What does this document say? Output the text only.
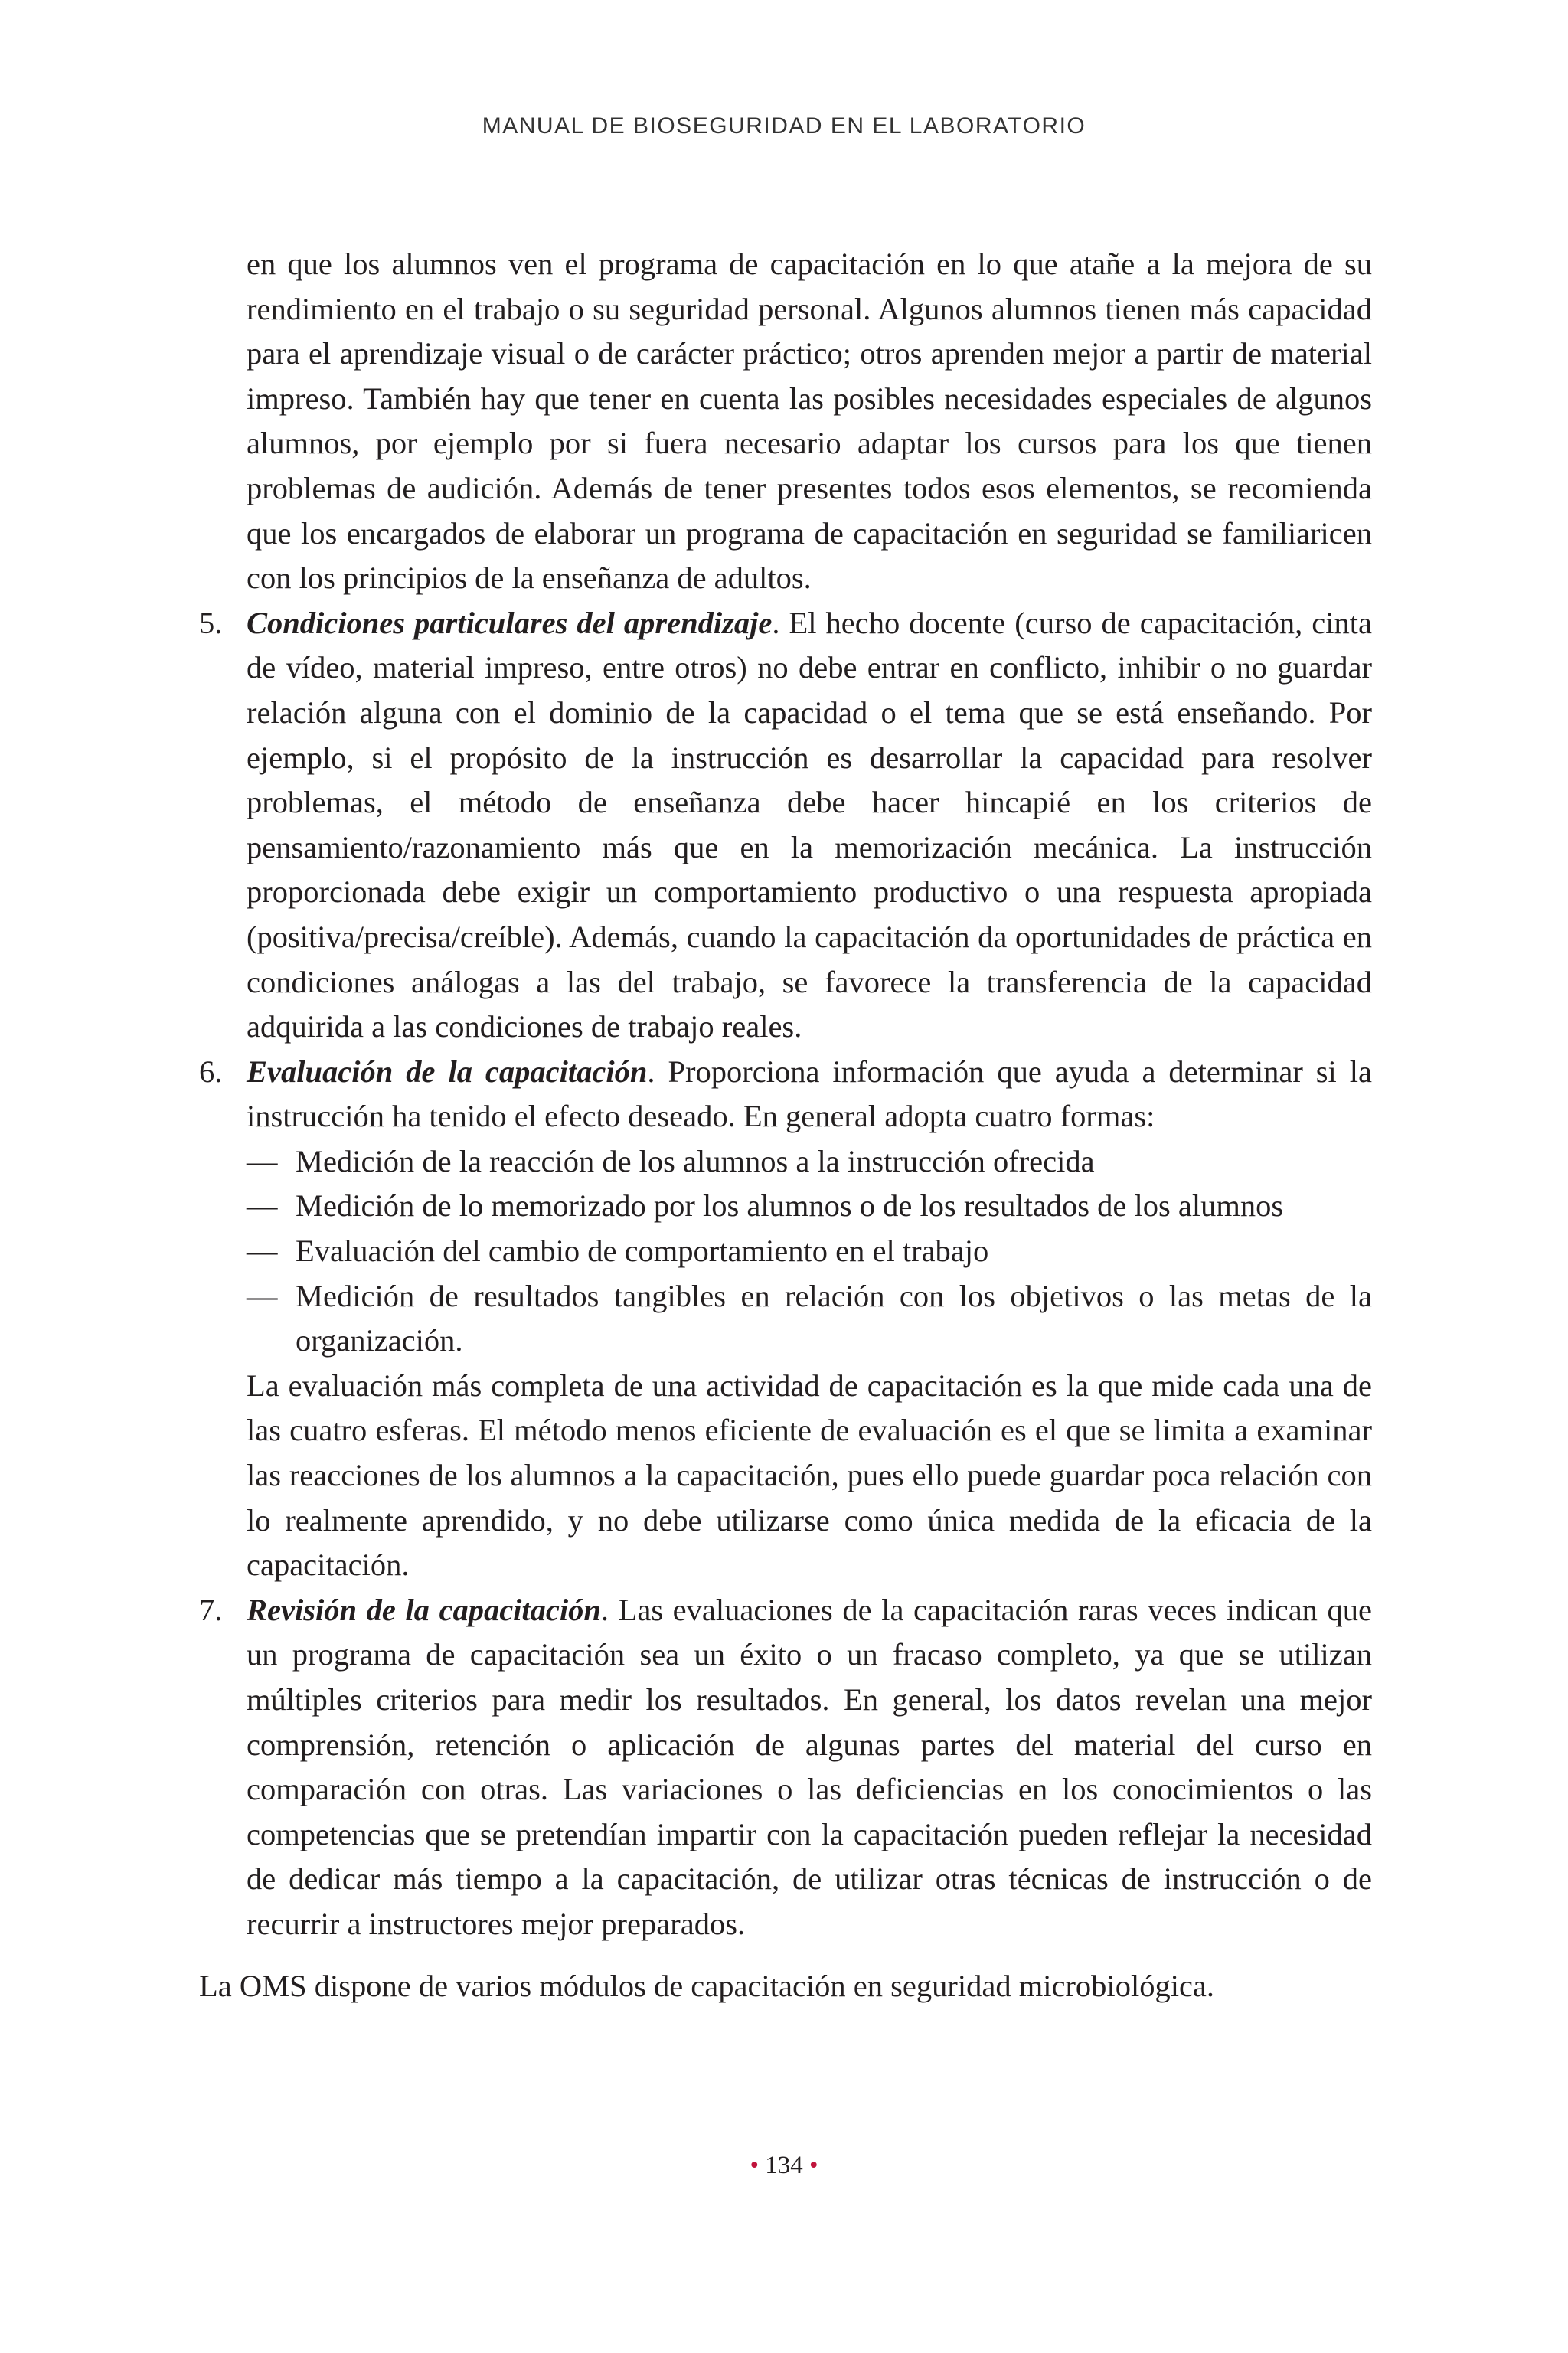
MANUAL DE BIOSEGURIDAD EN EL LABORATORIO

en que los alumnos ven el programa de capacitación en lo que atañe a la mejora de su rendimiento en el trabajo o su seguridad personal. Algunos alumnos tienen más capacidad para el aprendizaje visual o de carácter práctico; otros aprenden mejor a partir de material impreso. También hay que tener en cuenta las posibles necesidades especiales de algunos alumnos, por ejemplo por si fuera necesario adaptar los cursos para los que tienen problemas de audición. Además de tener presentes todos esos elementos, se recomienda que los encargados de elaborar un programa de capacitación en seguridad se familiaricen con los principios de la enseñanza de adultos.

5. Condiciones particulares del aprendizaje. El hecho docente (curso de capacitación, cinta de vídeo, material impreso, entre otros) no debe entrar en conflicto, inhibir o no guardar relación alguna con el dominio de la capacidad o el tema que se está enseñando. Por ejemplo, si el propósito de la instrucción es desarrollar la capacidad para resolver problemas, el método de enseñanza debe hacer hincapié en los criterios de pensamiento/razonamiento más que en la memorización mecánica. La instrucción proporcionada debe exigir un comportamiento productivo o una respuesta apropiada (positiva/precisa/creíble). Además, cuando la capacitación da oportunidades de práctica en condiciones análogas a las del trabajo, se favorece la transferencia de la capacidad adquirida a las condiciones de trabajo reales.

6. Evaluación de la capacitación. Proporciona información que ayuda a determinar si la instrucción ha tenido el efecto deseado. En general adopta cuatro formas:

— Medición de la reacción de los alumnos a la instrucción ofrecida
— Medición de lo memorizado por los alumnos o de los resultados de los alumnos
— Evaluación del cambio de comportamiento en el trabajo
— Medición de resultados tangibles en relación con los objetivos o las metas de la organización.

La evaluación más completa de una actividad de capacitación es la que mide cada una de las cuatro esferas. El método menos eficiente de evaluación es el que se limita a examinar las reacciones de los alumnos a la capacitación, pues ello puede guardar poca relación con lo realmente aprendido, y no debe utilizarse como única medida de la eficacia de la capacitación.

7. Revisión de la capacitación. Las evaluaciones de la capacitación raras veces indican que un programa de capacitación sea un éxito o un fracaso completo, ya que se utilizan múltiples criterios para medir los resultados. En general, los datos revelan una mejor comprensión, retención o aplicación de algunas partes del material del curso en comparación con otras. Las variaciones o las deficiencias en los conocimientos o las competencias que se pretendían impartir con la capacitación pueden reflejar la necesidad de dedicar más tiempo a la capacitación, de utilizar otras técnicas de instrucción o de recurrir a instructores mejor preparados.

La OMS dispone de varios módulos de capacitación en seguridad microbiológica.

• 134 •
